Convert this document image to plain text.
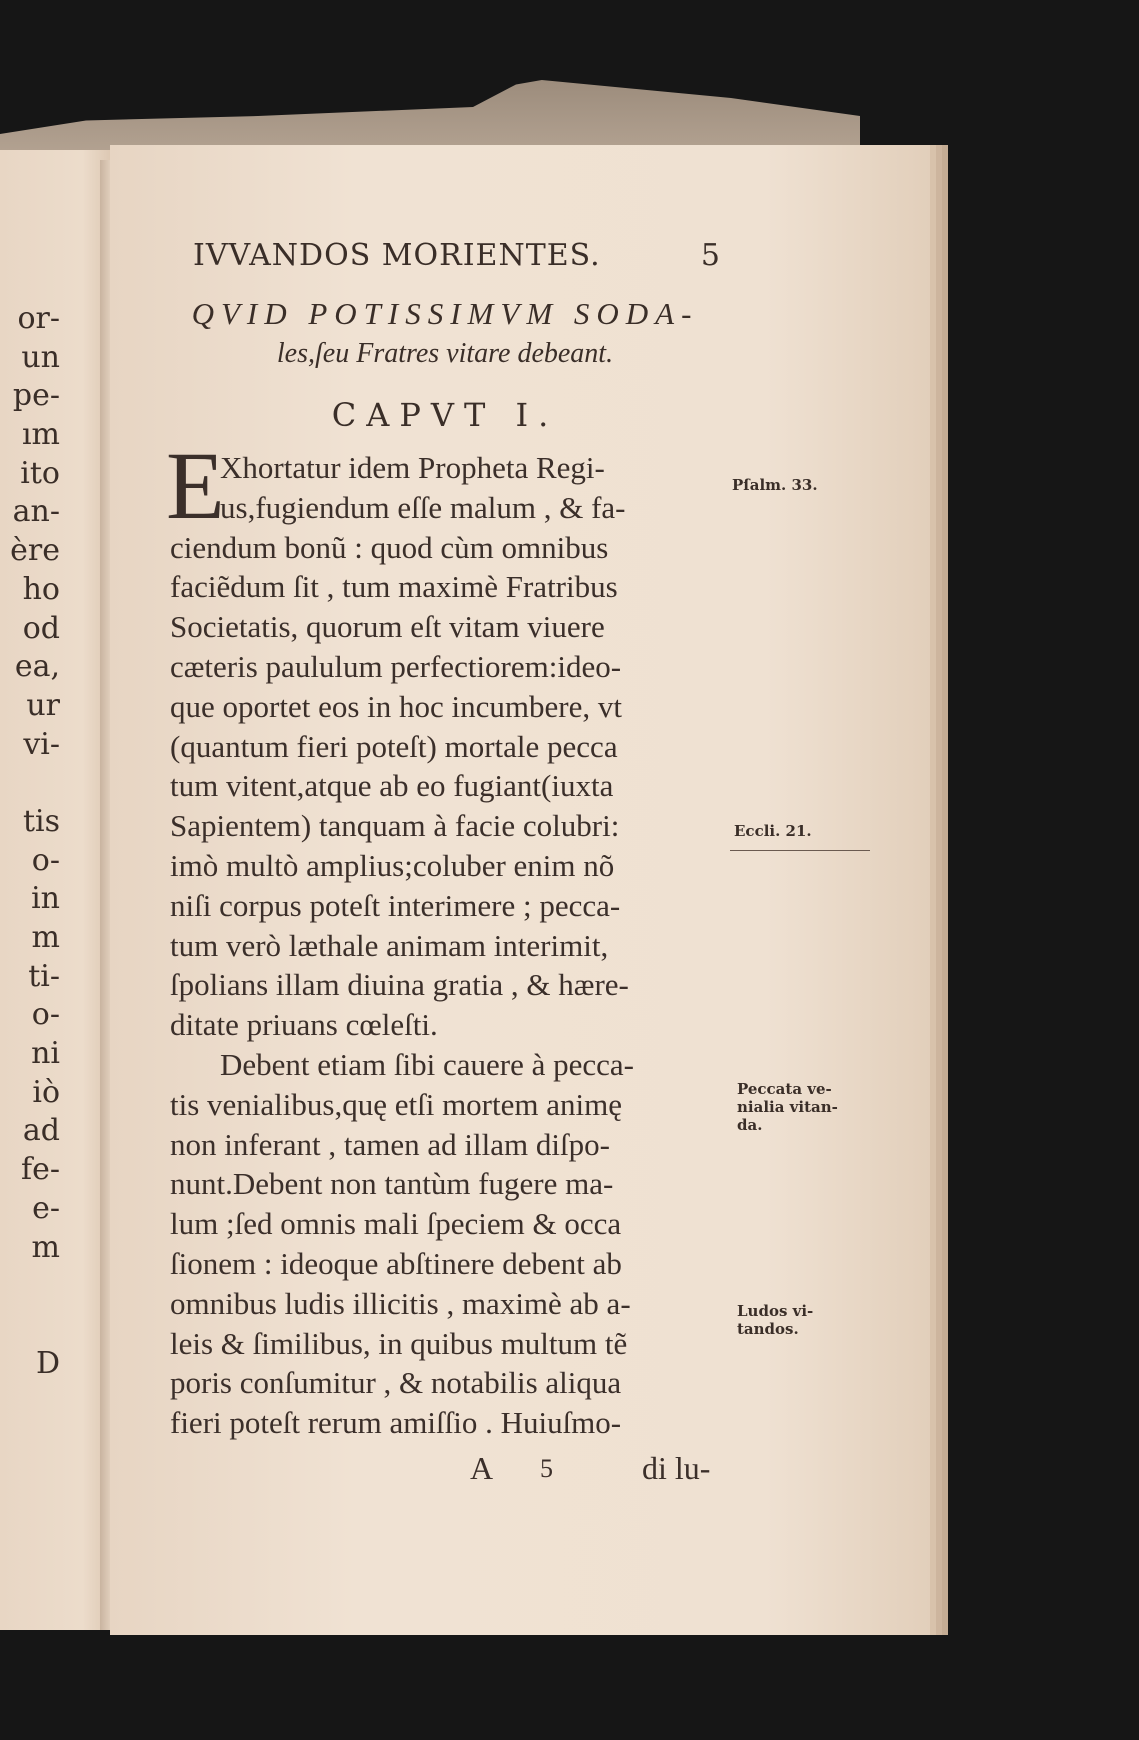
or-
un
pe-
ım
ito
an-
ère
ho
od
ea,
ur
vi-
tis
o-
in
m
ti-
o-
ni
iò
ad
fe-
e-
m
D
IVVANDOS MORIENTES.	5
QVID POTISSIMVM SODA-
les,ſeu Fratres vitare debeant.
CAPVT I.
E
Xhortatur idem Propheta Regi-
us,fugiendum eſſe malum , & fa-
ciendum bonũ : quod cùm omnibus
faciẽdum ſit , tum maximè Fratribus
Societatis, quorum eſt vitam viuere
cæteris paululum perfectiorem:ideo-
que oportet eos in hoc incumbere, vt
(quantum fieri poteſt) mortale pecca
tum vitent,atque ab eo fugiant(iuxta
Sapientem) tanquam à facie colubri:
imò multò amplius;coluber enim nõ
niſi corpus poteſt interimere ; pecca-
tum verò læthale animam interimit,
ſpolians illam diuina gratia , & hære-
ditate priuans cœleſti.
Debent etiam ſibi cauere à pecca-
tis venialibus,quę etſi mortem animę
non inferant , tamen ad illam diſpo-
nunt.Debent non tantùm fugere ma-
lum ;ſed omnis mali ſpeciem & occa
ſionem : ideoque abſtinere debent ab
omnibus ludis illicitis , maximè ab a-
leis & ſimilibus, in quibus multum tẽ
poris conſumitur , & notabilis aliqua
fieri poteſt rerum amiſſio . Huiuſmo-
A 5	di lu-
Pſalm. 33.
Eccli. 21.
Peccata ve-
nialia vitan-
da.
Ludos vi-
tandos.
